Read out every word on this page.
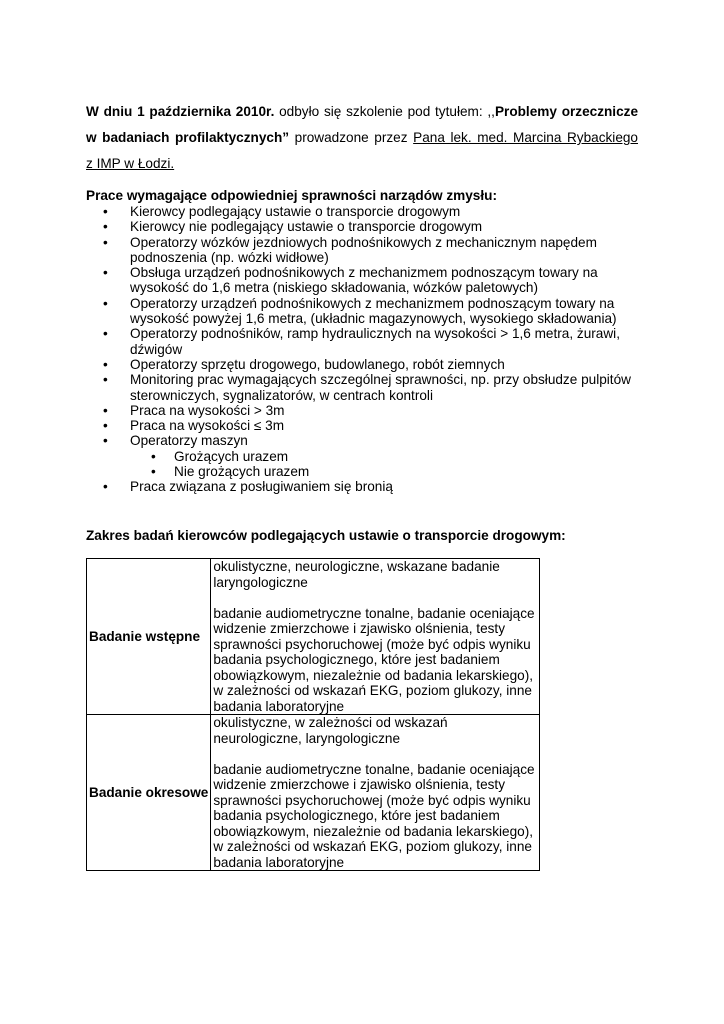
W dniu 1 października 2010r. odbyło się szkolenie pod tytułem: ,,Problemy orzecznicze w badaniach profilaktycznych” prowadzone przez Pana lek. med. Marcina Rybackiego
z IMP w Łodzi.
Prace wymagające odpowiedniej sprawności narządów zmysłu:
• Kierowcy podlegający ustawie o transporcie drogowym
• Kierowcy nie podlegający ustawie o transporcie drogowym
• Operatorzy wózków jezdniowych podnośnikowych z mechanicznym napędem podnoszenia (np. wózki widłowe)
• Obsługa urządzeń podnośnikowych z mechanizmem podnoszącym towary na wysokość do 1,6 metra (niskiego składowania, wózków paletowych)
• Operatorzy urządzeń podnośnikowych z mechanizmem podnoszącym towary na wysokość powyżej 1,6 metra, (układnic magazynowych, wysokiego składowania)
• Operatorzy podnośników, ramp hydraulicznych na wysokości > 1,6 metra, żurawi, dźwigów
• Operatorzy sprzętu drogowego, budowlanego, robót ziemnych
• Monitoring prac wymagających szczególnej sprawności, np. przy obsłudze pulpitów sterowniczych, sygnalizatorów, w centrach kontroli
• Praca na wysokości > 3m
• Praca na wysokości ≤ 3m
• Operatorzy maszyn
• Grożących urazem
• Nie grożących urazem
• Praca związana z posługiwaniem się bronią
Zakres badań kierowców podlegających ustawie o transporcie drogowym:
Badanie wstępne	okulistyczne, neurologiczne, wskazane badanie laryngologiczne
badanie audiometryczne tonalne, badanie oceniające widzenie zmierzchowe i zjawisko olśnienia, testy sprawności psychoruchowej (może być odpis wyniku badania psychologicznego, które jest badaniem obowiązkowym, niezależnie od badania lekarskiego), w zależności od wskazań EKG, poziom glukozy, inne badania laboratoryjne

Badanie okresowe	okulistyczne, w zależności od wskazań neurologiczne, laryngologiczne
badanie audiometryczne tonalne, badanie oceniające widzenie zmierzchowe i zjawisko olśnienia, testy sprawności psychoruchowej (może być odpis wyniku badania psychologicznego, które jest badaniem obowiązkowym, niezależnie od badania lekarskiego), w zależności od wskazań EKG, poziom glukozy, inne badania laboratoryjne
